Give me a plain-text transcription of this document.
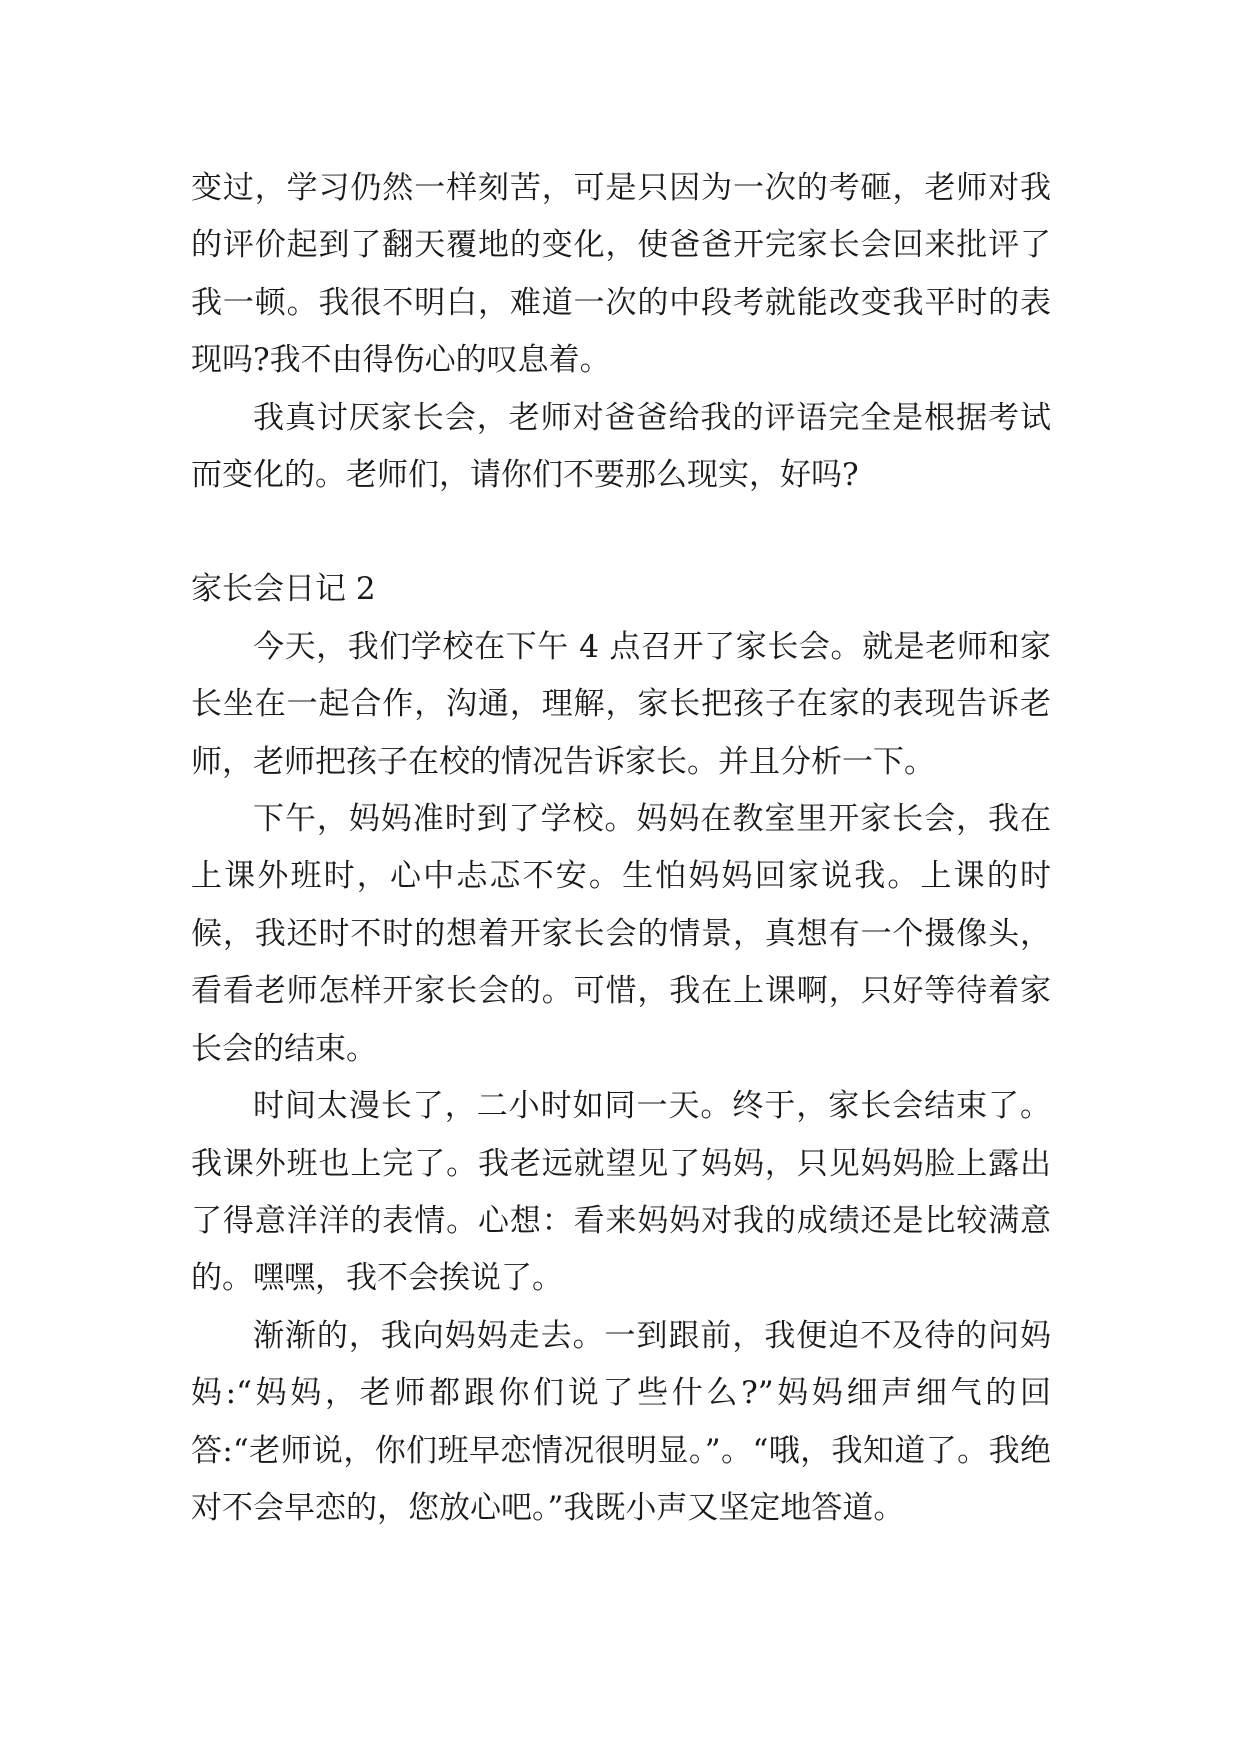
变过，学习仍然一样刻苦，可是只因为一次的考砸，老师对我的评价起到了翻天覆地的变化，使爸爸开完家长会回来批评了我一顿。我很不明白，难道一次的中段考就能改变我平时的表现吗?我不由得伤心的叹息着。

我真讨厌家长会，老师对爸爸给我的评语完全是根据考试而变化的。老师们，请你们不要那么现实，好吗?

家长会日记 2

今天，我们学校在下午 4 点召开了家长会。就是老师和家长坐在一起合作，沟通，理解，家长把孩子在家的表现告诉老师，老师把孩子在校的情况告诉家长。并且分析一下。

下午，妈妈准时到了学校。妈妈在教室里开家长会，我在上课外班时，心中忐忑不安。生怕妈妈回家说我。上课的时候，我还时不时的想着开家长会的情景，真想有一个摄像头，看看老师怎样开家长会的。可惜，我在上课啊，只好等待着家长会的结束。

时间太漫长了，二小时如同一天。终于，家长会结束了。我课外班也上完了。我老远就望见了妈妈，只见妈妈脸上露出了得意洋洋的表情。心想：看来妈妈对我的成绩还是比较满意的。嘿嘿，我不会挨说了。

渐渐的，我向妈妈走去。一到跟前，我便迫不及待的问妈妈:“妈妈，老师都跟你们说了些什么?”妈妈细声细气的回答:“老师说，你们班早恋情况很明显。”。“哦，我知道了。我绝对不会早恋的，您放心吧。”我既小声又坚定地答道。
